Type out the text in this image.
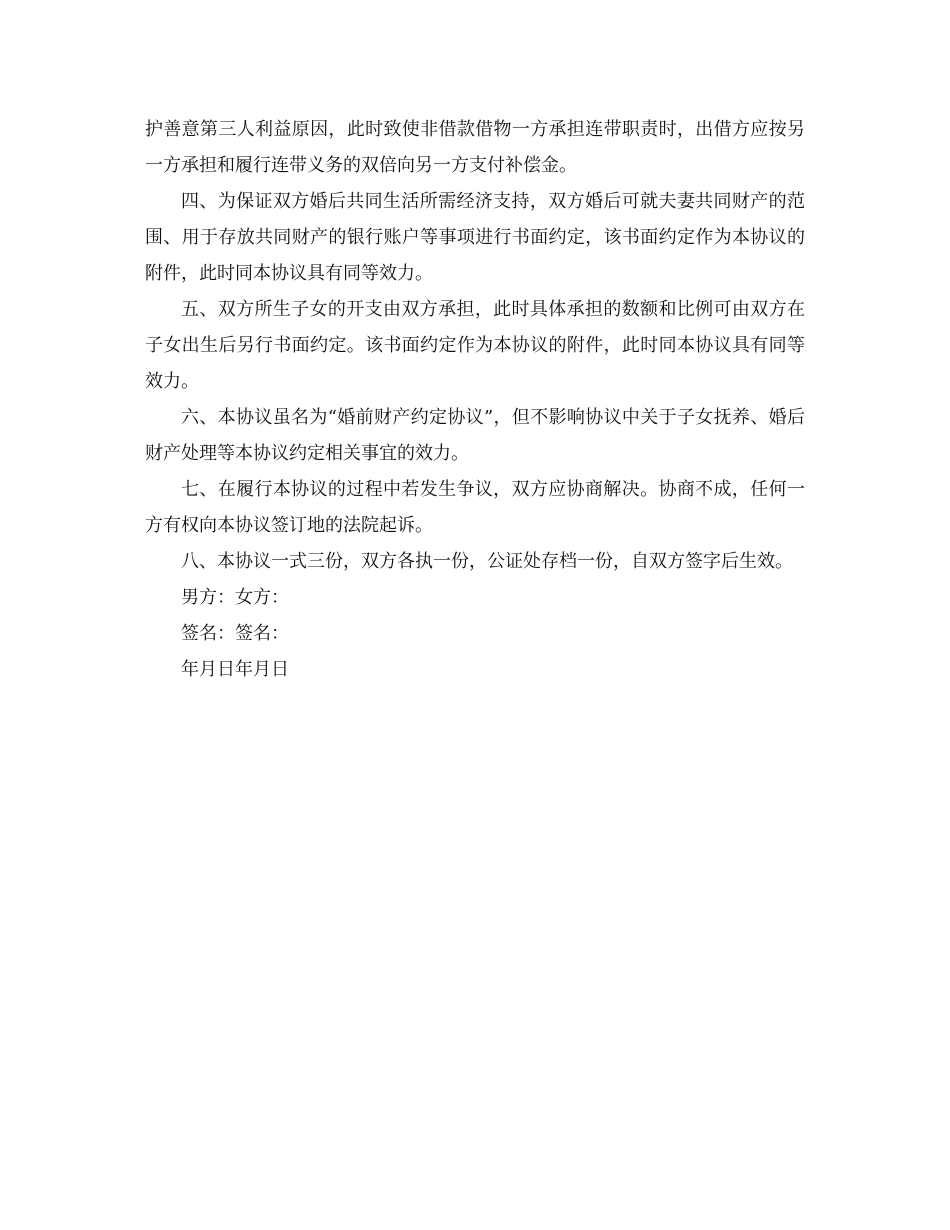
护善意第三人利益原因，此时致使非借款借物一方承担连带职责时，出借方应按另一方承担和履行连带义务的双倍向另一方支付补偿金。

四、为保证双方婚后共同生活所需经济支持，双方婚后可就夫妻共同财产的范围、用于存放共同财产的银行账户等事项进行书面约定，该书面约定作为本协议的附件，此时同本协议具有同等效力。

五、双方所生子女的开支由双方承担，此时具体承担的数额和比例可由双方在子女出生后另行书面约定。该书面约定作为本协议的附件，此时同本协议具有同等效力。

六、本协议虽名为“婚前财产约定协议”，但不影响协议中关于子女抚养、婚后财产处理等本协议约定相关事宜的效力。

七、在履行本协议的过程中若发生争议，双方应协商解决。协商不成，任何一方有权向本协议签订地的法院起诉。

八、本协议一式三份，双方各执一份，公证处存档一份，自双方签字后生效。

男方：女方：

签名：签名：

年月日年月日
